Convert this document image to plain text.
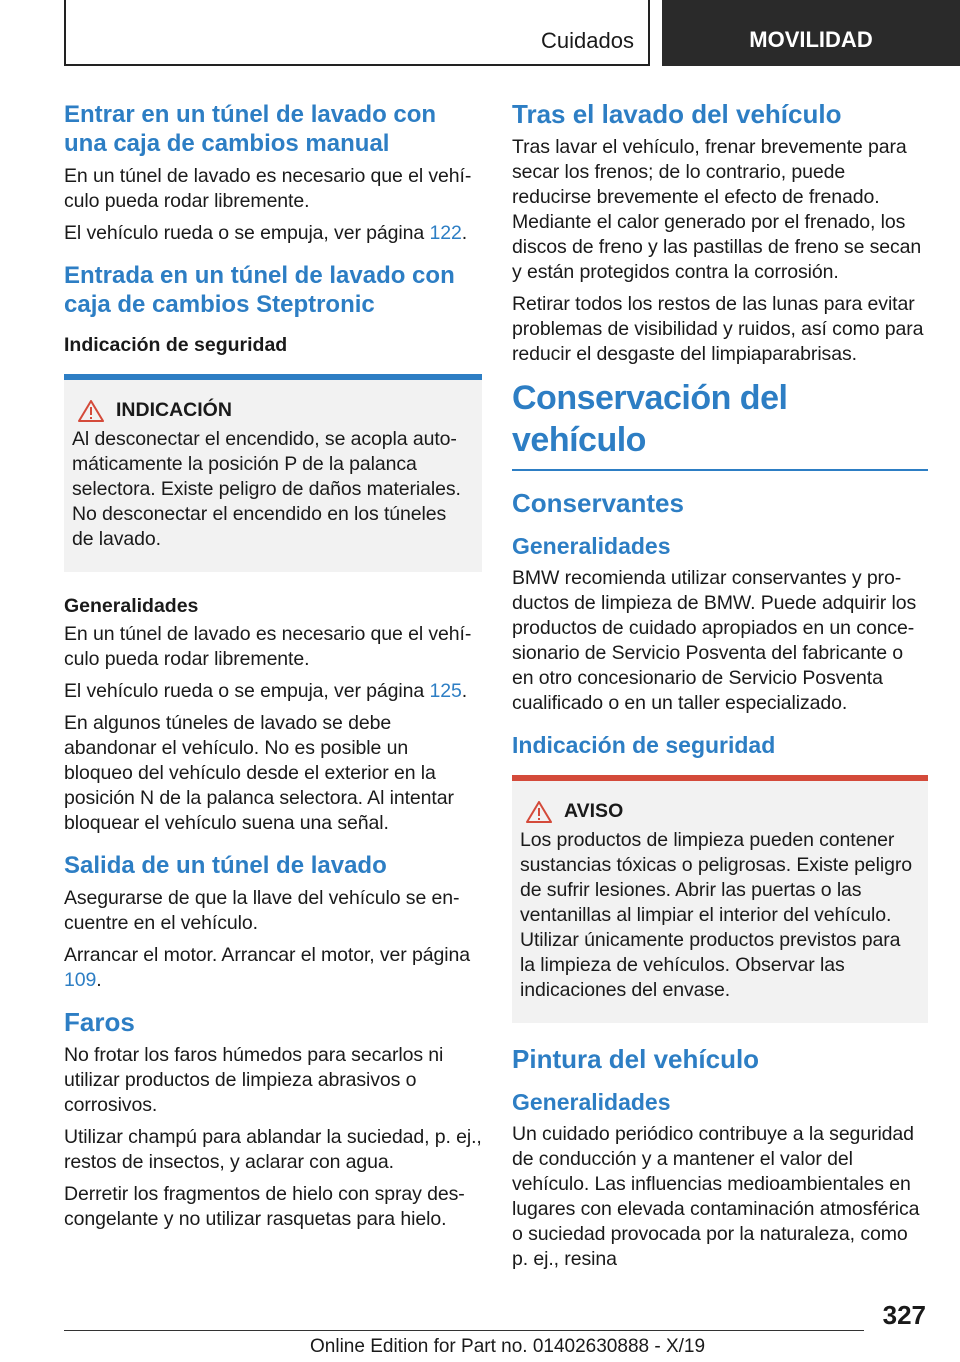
Cuidados	MOVILIDAD
Entrar en un túnel de lavado con una caja de cambios manual

En un túnel de lavado es necesario que el vehículo pueda rodar libremente.

El vehículo rueda o se empuja, ver página 122.

Entrada en un túnel de lavado con caja de cambios Steptronic
Indicación de seguridad
INDICACIÓN

Al desconectar el encendido, se acopla automáticamente la posición P de la palanca selectora. Existe peligro de daños materiales. No desconectar el encendido en los túneles de lavado.

Generalidades

En un túnel de lavado es necesario que el vehículo pueda rodar libremente.

El vehículo rueda o se empuja, ver página 125.

En algunos túneles de lavado se debe abandonar el vehículo. No es posible un bloqueo del vehículo desde el exterior en la posición N de la palanca selectora. Al intentar bloquear el vehículo suena una señal.

Salida de un túnel de lavado

Asegurarse de que la llave del vehículo se encuentre en el vehículo.

Arrancar el motor. Arrancar el motor, ver página 109.

Faros

No frotar los faros húmedos para secarlos ni utilizar productos de limpieza abrasivos o corrosivos.

Utilizar champú para ablandar la suciedad, p. ej., restos de insectos, y aclarar con agua.

Derretir los fragmentos de hielo con spray descongelante y no utilizar rasquetas para hielo.

Tras el lavado del vehículo

Tras lavar el vehículo, frenar brevemente para secar los frenos; de lo contrario, puede reducirse brevemente el efecto de frenado. Mediante el calor generado por el frenado, los discos de freno y las pastillas de freno se secan y están protegidos contra la corrosión.

Retirar todos los restos de las lunas para evitar problemas de visibilidad y ruidos, así como para reducir el desgaste del limpiaparabrisas.

Conservación del vehículo
Conservantes
Generalidades

BMW recomienda utilizar conservantes y productos de limpieza de BMW. Puede adquirir los productos de cuidado apropiados en un concesionario de Servicio Posventa del fabricante o en otro concesionario de Servicio Posventa cualificado o en un taller especializado.

Indicación de seguridad
AVISO

Los productos de limpieza pueden contener sustancias tóxicas o peligrosas. Existe peligro de sufrir lesiones. Abrir las puertas o las ventanillas al limpiar el interior del vehículo. Utilizar únicamente productos previstos para la limpieza de vehículos. Observar las indicaciones del envase.

Pintura del vehículo
Generalidades

Un cuidado periódico contribuye a la seguridad de conducción y a mantener el valor del vehículo. Las influencias medioambientales en lugares con elevada contaminación atmosférica o suciedad provocada por la naturaleza, como p. ej., resina

327
Online Edition for Part no. 01402630888 - X/19
